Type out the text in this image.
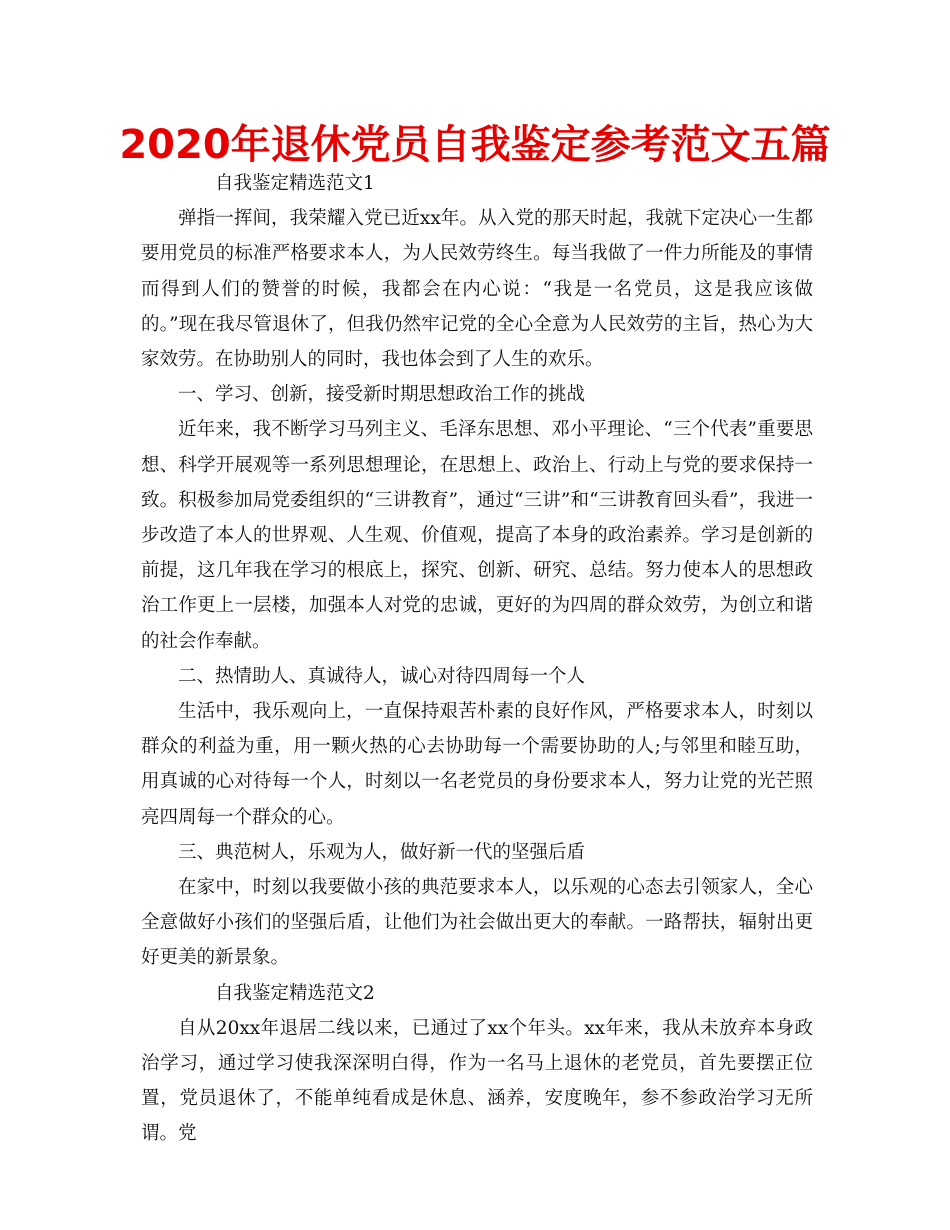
2020年退休党员自我鉴定参考范文五篇

自我鉴定精选范文1

弹指一挥间，我荣耀入党已近xx年。从入党的那天时起，我就下定决心一生都要用党员的标准严格要求本人，为人民效劳终生。每当我做了一件力所能及的事情而得到人们的赞誉的时候，我都会在内心说：“我是一名党员，这是我应该做的。”现在我尽管退休了，但我仍然牢记党的全心全意为人民效劳的主旨，热心为大家效劳。在协助别人的同时，我也体会到了人生的欢乐。

一、学习、创新，接受新时期思想政治工作的挑战

近年来，我不断学习马列主义、毛泽东思想、邓小平理论、“三个代表”重要思想、科学开展观等一系列思想理论，在思想上、政治上、行动上与党的要求保持一致。积极参加局党委组织的“三讲教育”，通过“三讲”和“三讲教育回头看”，我进一步改造了本人的世界观、人生观、价值观，提高了本身的政治素养。学习是创新的前提，这几年我在学习的根底上，探究、创新、研究、总结。努力使本人的思想政治工作更上一层楼，加强本人对党的忠诚，更好的为四周的群众效劳，为创立和谐的社会作奉献。

二、热情助人、真诚待人，诚心对待四周每一个人

生活中，我乐观向上，一直保持艰苦朴素的良好作风，严格要求本人，时刻以群众的利益为重，用一颗火热的心去协助每一个需要协助的人;与邻里和睦互助，用真诚的心对待每一个人，时刻以一名老党员的身份要求本人，努力让党的光芒照亮四周每一个群众的心。

三、典范树人，乐观为人，做好新一代的坚强后盾

在家中，时刻以我要做小孩的典范要求本人，以乐观的心态去引领家人，全心全意做好小孩们的坚强后盾，让他们为社会做出更大的奉献。一路帮扶，辐射出更好更美的新景象。

自我鉴定精选范文2

自从20xx年退居二线以来，已通过了xx个年头。xx年来，我从未放弃本身政治学习，通过学习使我深深明白得，作为一名马上退休的老党员，首先要摆正位置，党员退休了，不能单纯看成是休息、涵养，安度晚年，参不参政治学习无所谓。党
